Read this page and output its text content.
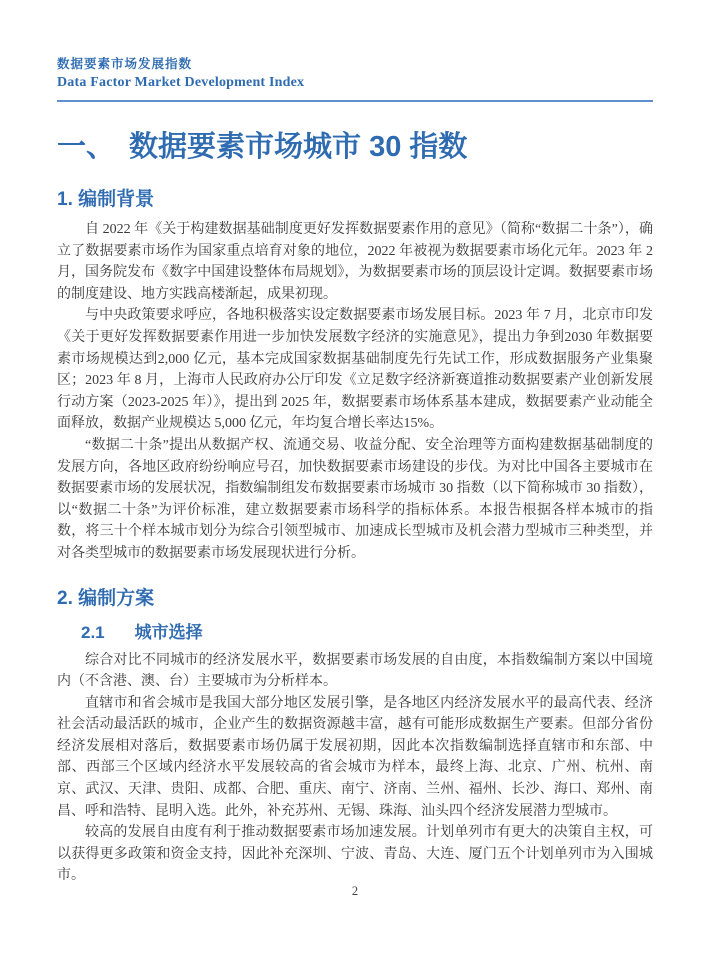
数据要素市场发展指数
Data Factor Market Development Index
一、 数据要素市场城市 30 指数
1. 编制背景

自 2022 年《关于构建数据基础制度更好发挥数据要素作用的意见》（简称“数据二十条”），确立了数据要素市场作为国家重点培育对象的地位，2022 年被视为数据要素市场化元年。2023 年 2 月，国务院发布《数字中国建设整体布局规划》，为数据要素市场的顶层设计定调。数据要素市场的制度建设、地方实践高楼渐起，成果初现。

与中央政策要求呼应，各地积极落实设定数据要素市场发展目标。2023 年 7 月，北京市印发《关于更好发挥数据要素作用进一步加快发展数字经济的实施意见》，提出力争到2030 年数据要素市场规模达到2,000 亿元，基本完成国家数据基础制度先行先试工作，形成数据服务产业集聚区；2023 年 8 月，上海市人民政府办公厅印发《立足数字经济新赛道推动数据要素产业创新发展行动方案（2023-2025 年）》，提出到 2025 年，数据要素市场体系基本建成，数据要素产业动能全面释放，数据产业规模达 5,000 亿元，年均复合增长率达15%。

“数据二十条”提出从数据产权、流通交易、收益分配、安全治理等方面构建数据基础制度的发展方向，各地区政府纷纷响应号召，加快数据要素市场建设的步伐。为对比中国各主要城市在数据要素市场的发展状况，指数编制组发布数据要素市场城市 30 指数（以下简称城市 30 指数），以“数据二十条”为评价标准，建立数据要素市场科学的指标体系。本报告根据各样本城市的指数，将三十个样本城市划分为综合引领型城市、加速成长型城市及机会潜力型城市三种类型，并对各类型城市的数据要素市场发展现状进行分析。

2. 编制方案
2.1 城市选择

综合对比不同城市的经济发展水平，数据要素市场发展的自由度，本指数编制方案以中国境内（不含港、澳、台）主要城市为分析样本。

直辖市和省会城市是我国大部分地区发展引擎，是各地区内经济发展水平的最高代表、经济社会活动最活跃的城市，企业产生的数据资源越丰富，越有可能形成数据生产要素。但部分省份经济发展相对落后，数据要素市场仍属于发展初期，因此本次指数编制选择直辖市和东部、中部、西部三个区域内经济水平发展较高的省会城市为样本，最终上海、北京、广州、杭州、南京、武汉、天津、贵阳、成都、合肥、重庆、南宁、济南、兰州、福州、长沙、海口、郑州、南昌、呼和浩特、昆明入选。此外，补充苏州、无锡、珠海、汕头四个经济发展潜力型城市。

较高的发展自由度有利于推动数据要素市场加速发展。计划单列市有更大的决策自主权，可以获得更多政策和资金支持，因此补充深圳、宁波、青岛、大连、厦门五个计划单列市为入围城市。

2
